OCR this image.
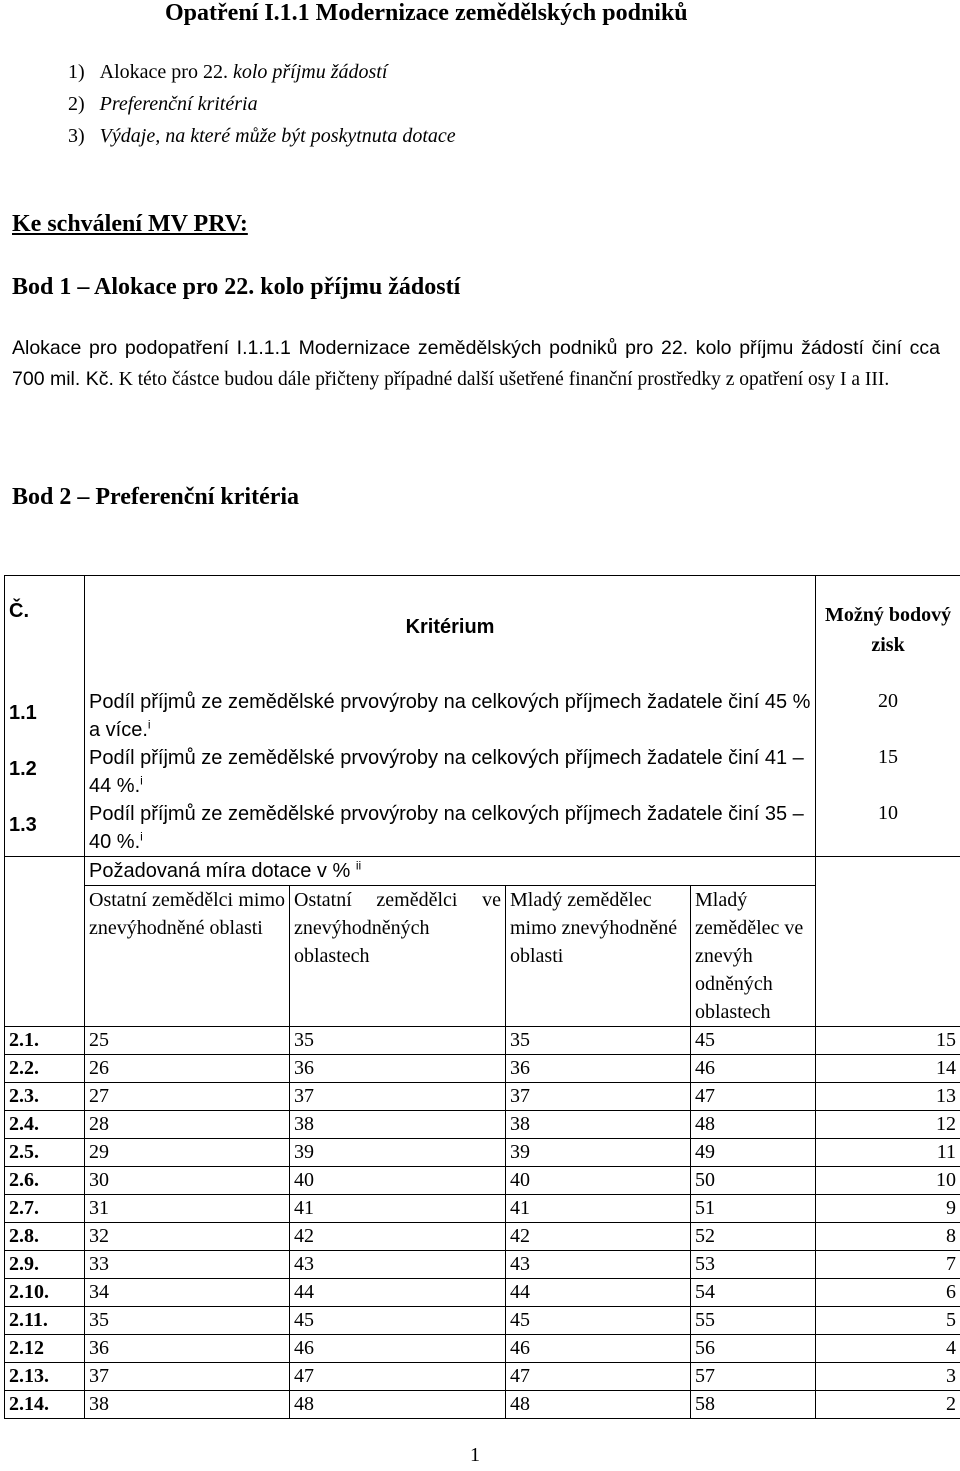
Opatření I.1.1 Modernizace zemědělských podniků
1) Alokace pro 22. kolo příjmu žádostí
2) Preferenční kritéria
3) Výdaje, na které může být poskytnuta dotace
Ke schválení MV PRV:
Bod 1 – Alokace pro 22. kolo příjmu žádostí
Alokace pro podopatření I.1.1.1 Modernizace zemědělských podniků pro 22. kolo příjmu žádostí činí cca 700 mil. Kč. K této částce budou dále přičteny případné další ušetřené finanční prostředky z opatření osy I a III.
Bod 2 – Preferenční kritéria
Č.	Kritérium				Možný bodový zisk
1.1	Podíl příjmů ze zemědělské prvovýroby na celkových příjmech žadatele činí 45 % a více.$^i$				20
1.2	Podíl příjmů ze zemědělské prvovýroby na celkových příjmech žadatele činí 41 – 44 %.$^i$				15
1.3	Podíl příjmů ze zemědělské prvovýroby na celkových příjmech žadatele činí 35 – 40 %.$^i$				10
	Požadovaná míra dotace v % $^{ii}$	
	Ostatní zemědělci mimo znevýhodněné oblasti	Ostatní zemědělci ve znevýhodněných oblastech	Mladý zemědělec mimo znevýhodněné oblasti	Mladý zemědělec ve znevýh odněných oblastech	
2.1.	25	35	35	45	15
2.2.	26	36	36	46	14
2.3.	27	37	37	47	13
2.4.	28	38	38	48	12
2.5.	29	39	39	49	11
2.6.	30	40	40	50	10
2.7.	31	41	41	51	9
2.8.	32	42	42	52	8
2.9.	33	43	43	53	7
2.10.	34	44	44	54	6
2.11.	35	45	45	55	5
2.12	36	46	46	56	4
2.13.	37	47	47	57	3
2.14.	38	48	48	58	2
1
